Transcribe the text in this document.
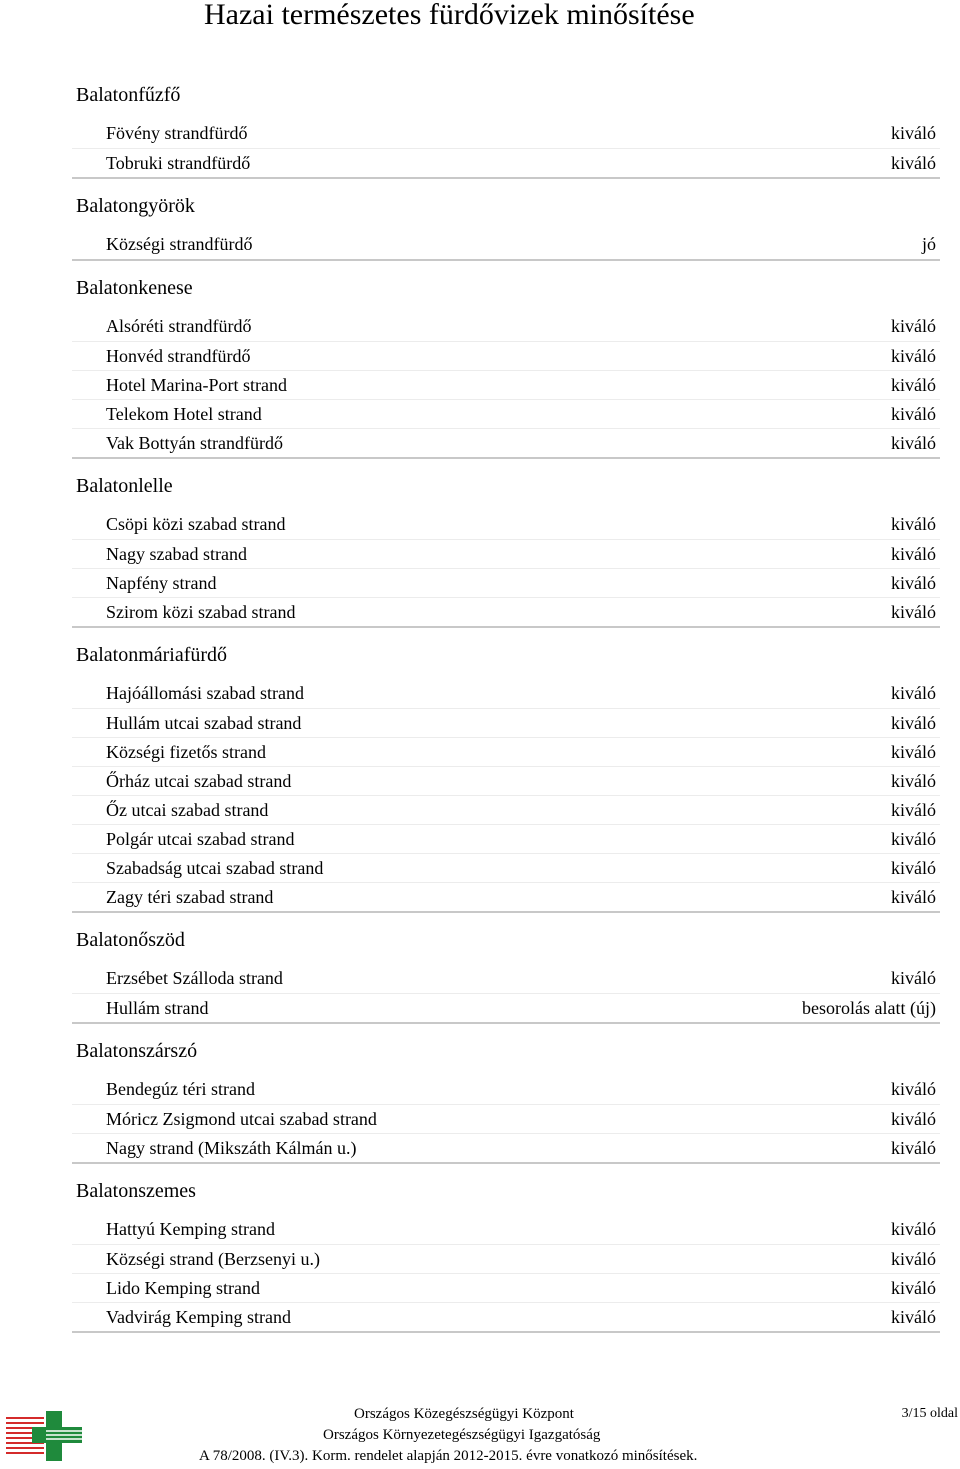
Hazai természetes fürdővizek minősítése
Balatonfűzfő
Fövény strandfürdő	kiváló
Tobruki strandfürdő	kiváló
Balatongyörök
Községi strandfürdő	jó
Balatonkenese
Alsóréti strandfürdő	kiváló
Honvéd strandfürdő	kiváló
Hotel Marina-Port strand	kiváló
Telekom Hotel strand	kiváló
Vak Bottyán strandfürdő	kiváló
Balatonlelle
Csöpi közi szabad strand	kiváló
Nagy szabad strand	kiváló
Napfény strand	kiváló
Szirom közi szabad strand	kiváló
Balatonmáriafürdő
Hajóállomási szabad strand	kiváló
Hullám utcai szabad strand	kiváló
Községi fizetős strand	kiváló
Őrház utcai szabad strand	kiváló
Őz utcai szabad strand	kiváló
Polgár utcai szabad strand	kiváló
Szabadság utcai szabad strand	kiváló
Zagy téri szabad strand	kiváló
Balatonőszöd
Erzsébet Szálloda strand	kiváló
Hullám strand	besorolás alatt (új)
Balatonszárszó
Bendegúz téri strand	kiváló
Móricz Zsigmond utcai szabad strand	kiváló
Nagy strand (Mikszáth Kálmán u.)	kiváló
Balatonszemes
Hattyú Kemping strand	kiváló
Községi strand (Berzsenyi u.)	kiváló
Lido Kemping strand	kiváló
Vadvirág Kemping strand	kiváló
Országos Közegészségügyi Központ
Országos Környezetegészségügyi Igazgatóság
A 78/2008. (IV.3). Korm. rendelet alapján 2012-2015. évre vonatkozó minősítések.
3/15 oldal
